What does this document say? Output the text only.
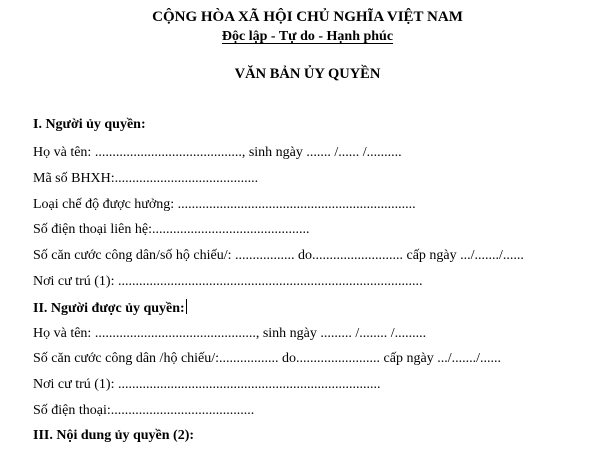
CỘNG HÒA XÃ HỘI CHỦ NGHĨA VIỆT NAM
Độc lập - Tự do - Hạnh phúc
VĂN BẢN ỦY QUYỀN
I. Người ủy quyền:
Họ và tên: .........................................., sinh ngày ....... /...... /..........
Mã số BHXH:.........................................
Loại chế độ được hưởng: ....................................................................
Số điện thoại liên hệ:.............................................
Số căn cước công dân/số hộ chiếu/: ................. do.......................... cấp ngày .../......./......
Nơi cư trú (1): .......................................................................................
II. Người được ủy quyền:
Họ và tên: .............................................., sinh ngày ......... /........ /.........
Số căn cước công dân /hộ chiếu/:................. do........................ cấp ngày .../......./......
Nơi cư trú (1): ...........................................................................
Số điện thoại:.........................................
III. Nội dung ủy quyền (2):
